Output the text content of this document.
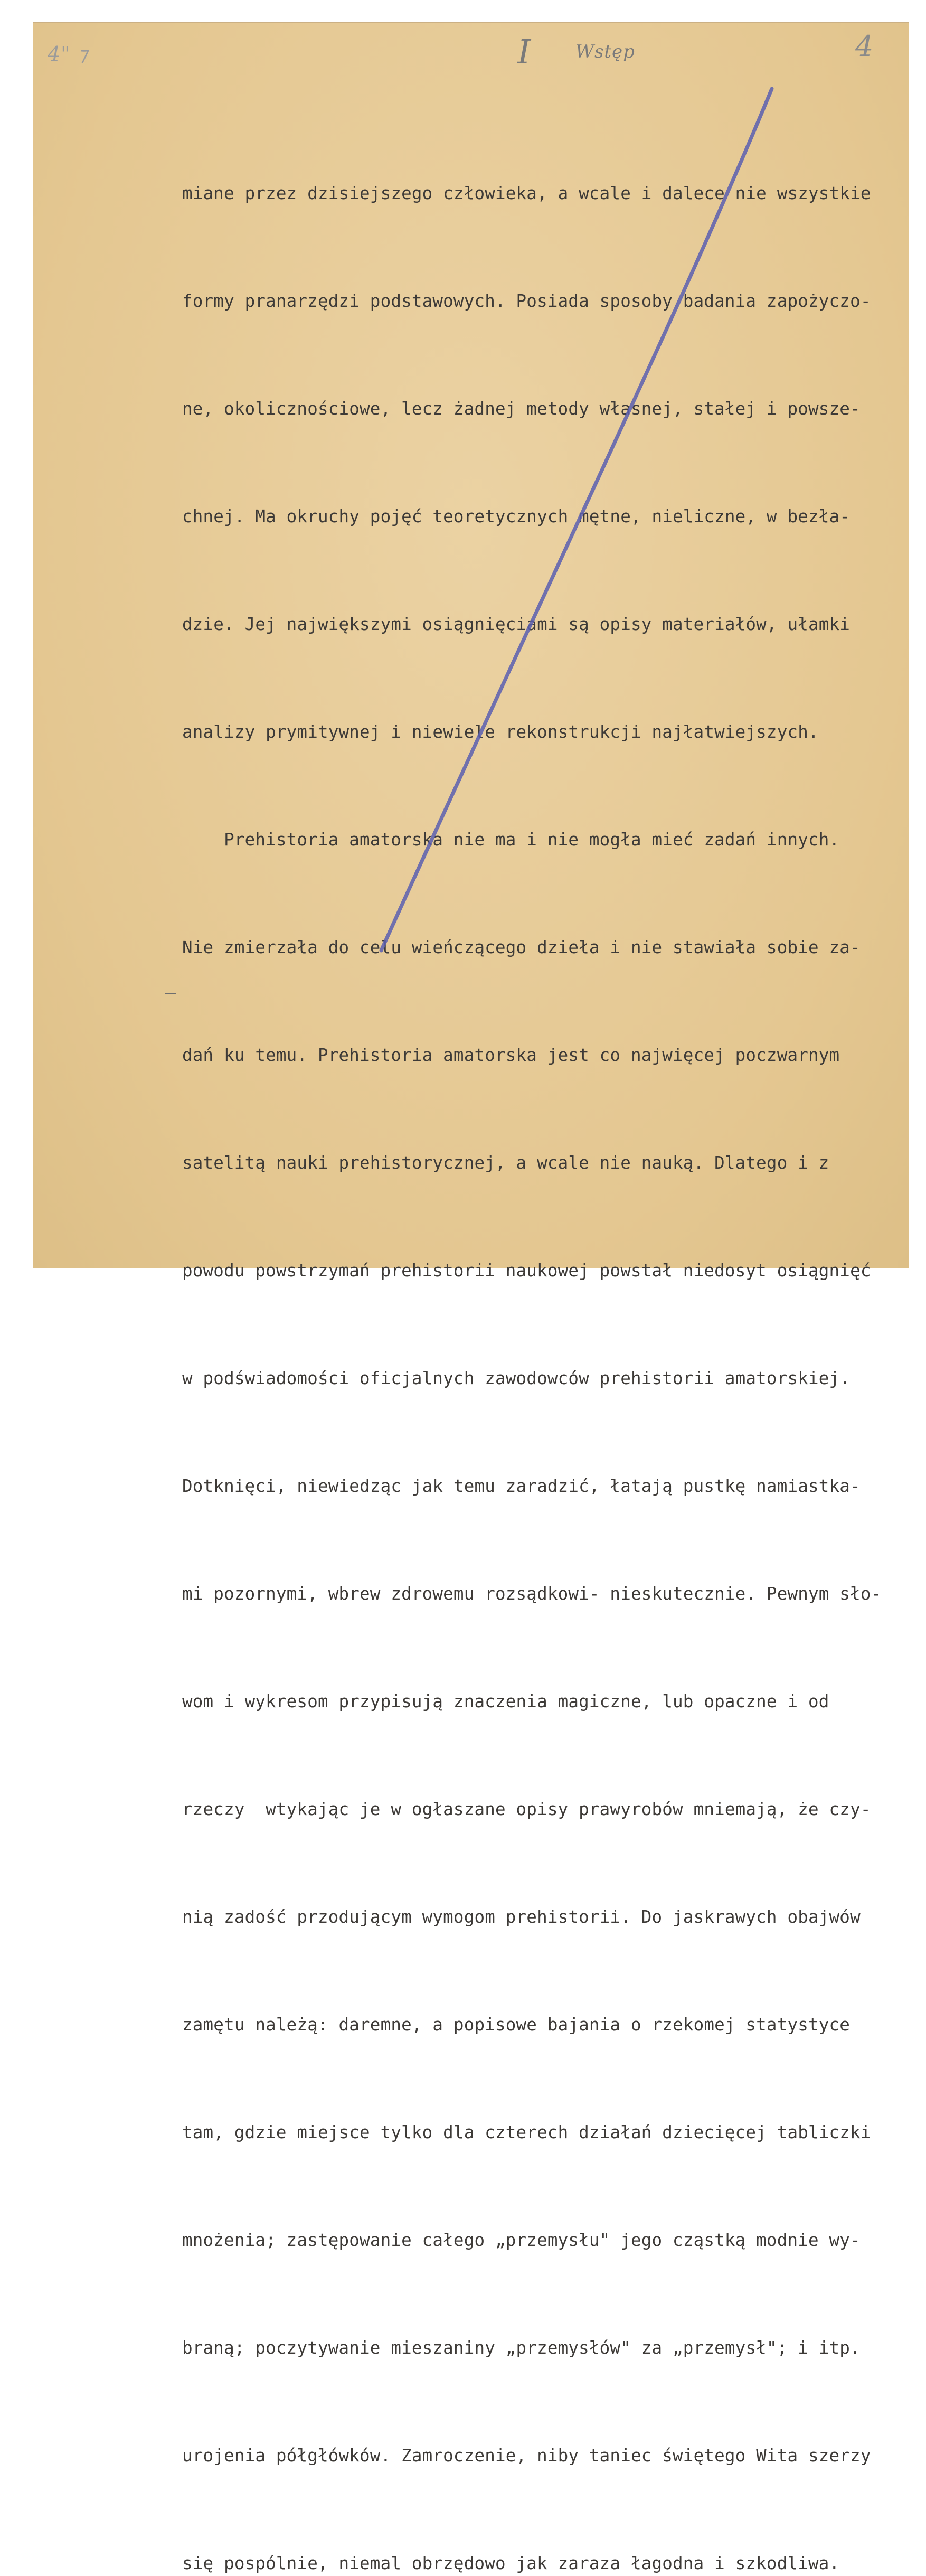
4" ⁊	I Wstęp	4

miane przez dzisiejszego człowieka, a wcale i dalece nie wszystkie

formy pranarzędzi podstawowych. Posiada sposoby badania zapożyczo-

ne, okolicznościowe, lecz żadnej metody własnej, stałej i powsze-

chnej. Ma okruchy pojęć teoretycznych mętne, nieliczne, w bezła-

dzie. Jej największymi osiągnięciami są opisy materiałów, ułamki

analizy prymitywnej i niewiele rekonstrukcji najłatwiejszych.

Prehistoria amatorska nie ma i nie mogła mieć zadań innych.

Nie zmierzała do celu wieńczącego dzieła i nie stawiała sobie za-

dań ku temu. Prehistoria amatorska jest co najwięcej poczwarnym

satelitą nauki prehistorycznej, a wcale nie nauką. Dlatego i z

powodu powstrzymań prehistorii naukowej powstał niedosyt osiągnięć

w podświadomości oficjalnych zawodowców prehistorii amatorskiej.

Dotknięci, niewiedząc jak temu zaradzić, łatają pustkę namiastka-

mi pozornymi, wbrew zdrowemu rozsądkowi- nieskutecznie. Pewnym sło-

wom i wykresom przypisują znaczenia magiczne, lub opaczne i od

rzeczy  wtykając je w ogłaszane opisy prawyrobów mniemają, że czy-

nią zadość przodującym wymogom prehistorii. Do jaskrawych obajwów

zamętu należą: daremne, a popisowe bajania o rzekomej statystyce

tam, gdzie miejsce tylko dla czterech działań dziecięcej tabliczki

mnożenia; zastępowanie całego „przemysłu" jego cząstką modnie wy-

braną; poczytywanie mieszaniny „przemysłów" za „przemysł"; i itp.

urojenia półgłówków. Zamroczenie, niby taniec świętego Wita szerzy

się pospólnie, niemal obrzędowo jak zaraza łagodna i szkodliwa.
